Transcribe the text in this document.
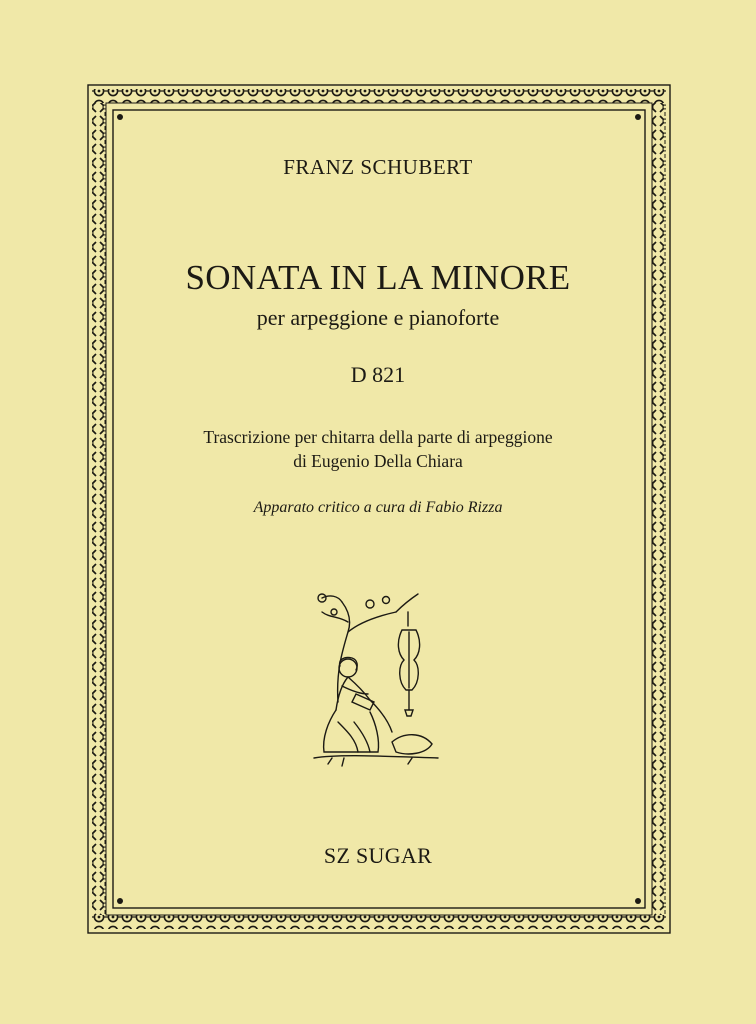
FRANZ SCHUBERT
SONATA IN LA MINORE
per arpeggione e pianoforte
D 821
Trascrizione per chitarra della parte di arpeggione
di Eugenio Della Chiara
Apparato critico a cura di Fabio Rizza
SZ SUGAR
